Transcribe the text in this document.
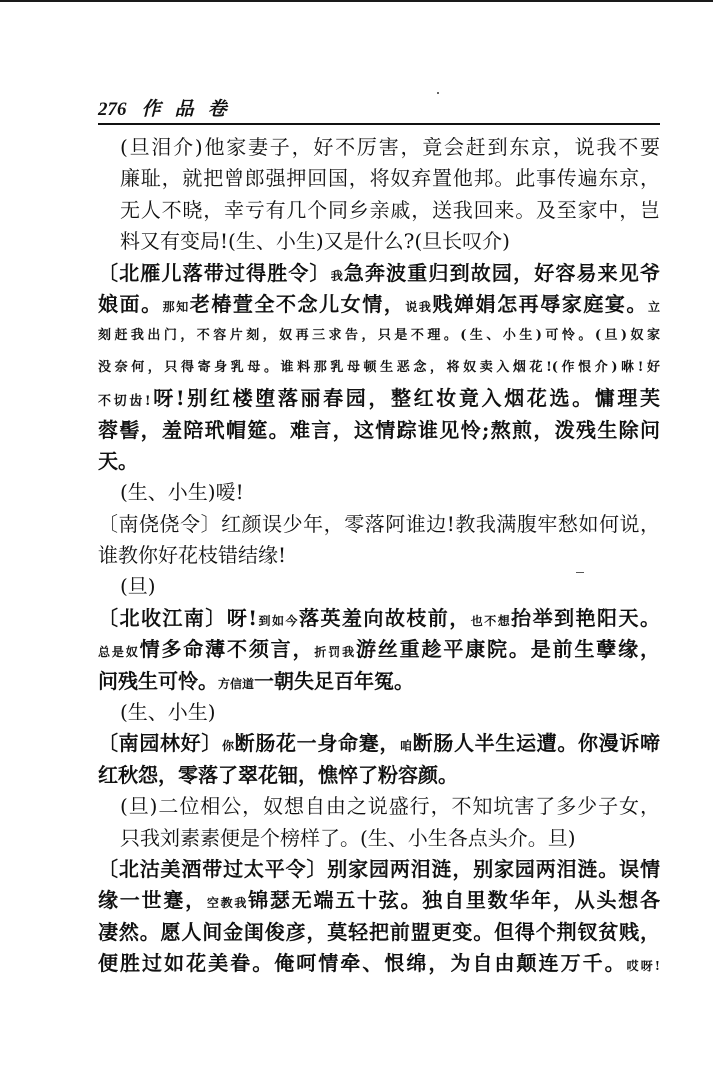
276 作品卷
(旦泪介)他家妻子，好不厉害，竟会赶到东京，说我不要
廉耻，就把曾郎强押回国，将奴弃置他邦。此事传遍东京，
无人不晓，幸亏有几个同乡亲戚，送我回来。及至家中，岂
料又有变局!(生、小生)又是什么?(旦长叹介)
〔北雁儿落带过得胜令〕我急奔波重归到故园，好容易来见爷
娘面。那知老椿萱全不念儿女情，说我贱婵娟怎再辱家庭宴。立
刻赶我出门，不容片刻，奴再三求告，只是不理。(生、小生)可怜。(旦)奴家
没奈何，只得寄身乳母。谁料那乳母顿生恶念，将奴卖入烟花!(作恨介)咻!好
不切齿!呀!别红楼堕落丽春园，整红妆竟入烟花选。慵理芙
蓉髻，羞陪玳帽筵。难言，这情踪谁见怜;熬煎，泼残生除问
天。
(生、小生)嗳!
〔南侥侥令〕红颜误少年，零落阿谁边!教我满腹牢愁如何说，
谁教你好花枝错结缘!
(旦)
〔北收江南〕呀!到如今落英羞向故枝前，也不想抬举到艳阳天。
总是奴情多命薄不须言，折罚我游丝重趁平康院。是前生孽缘，
问残生可怜。方信道一朝失足百年冤。
(生、小生)
〔南园林好〕你断肠花一身命蹇，咱断肠人半生运遭。你漫诉啼
红秋怨，零落了翠花钿，憔悴了粉容颜。
(旦)二位相公，奴想自由之说盛行，不知坑害了多少子女，
只我刘素素便是个榜样了。(生、小生各点头介。旦)
〔北沽美酒带过太平令〕别家园两泪涟，别家园两泪涟。误情
缘一世蹇，空教我锦瑟无端五十弦。独自里数华年，从头想各
凄然。愿人间金闺俊彦，莫轻把前盟更变。但得个荆钗贫贱，
便胜过如花美眷。俺呵情牵、恨绵，为自由颠连万千。哎呀!
